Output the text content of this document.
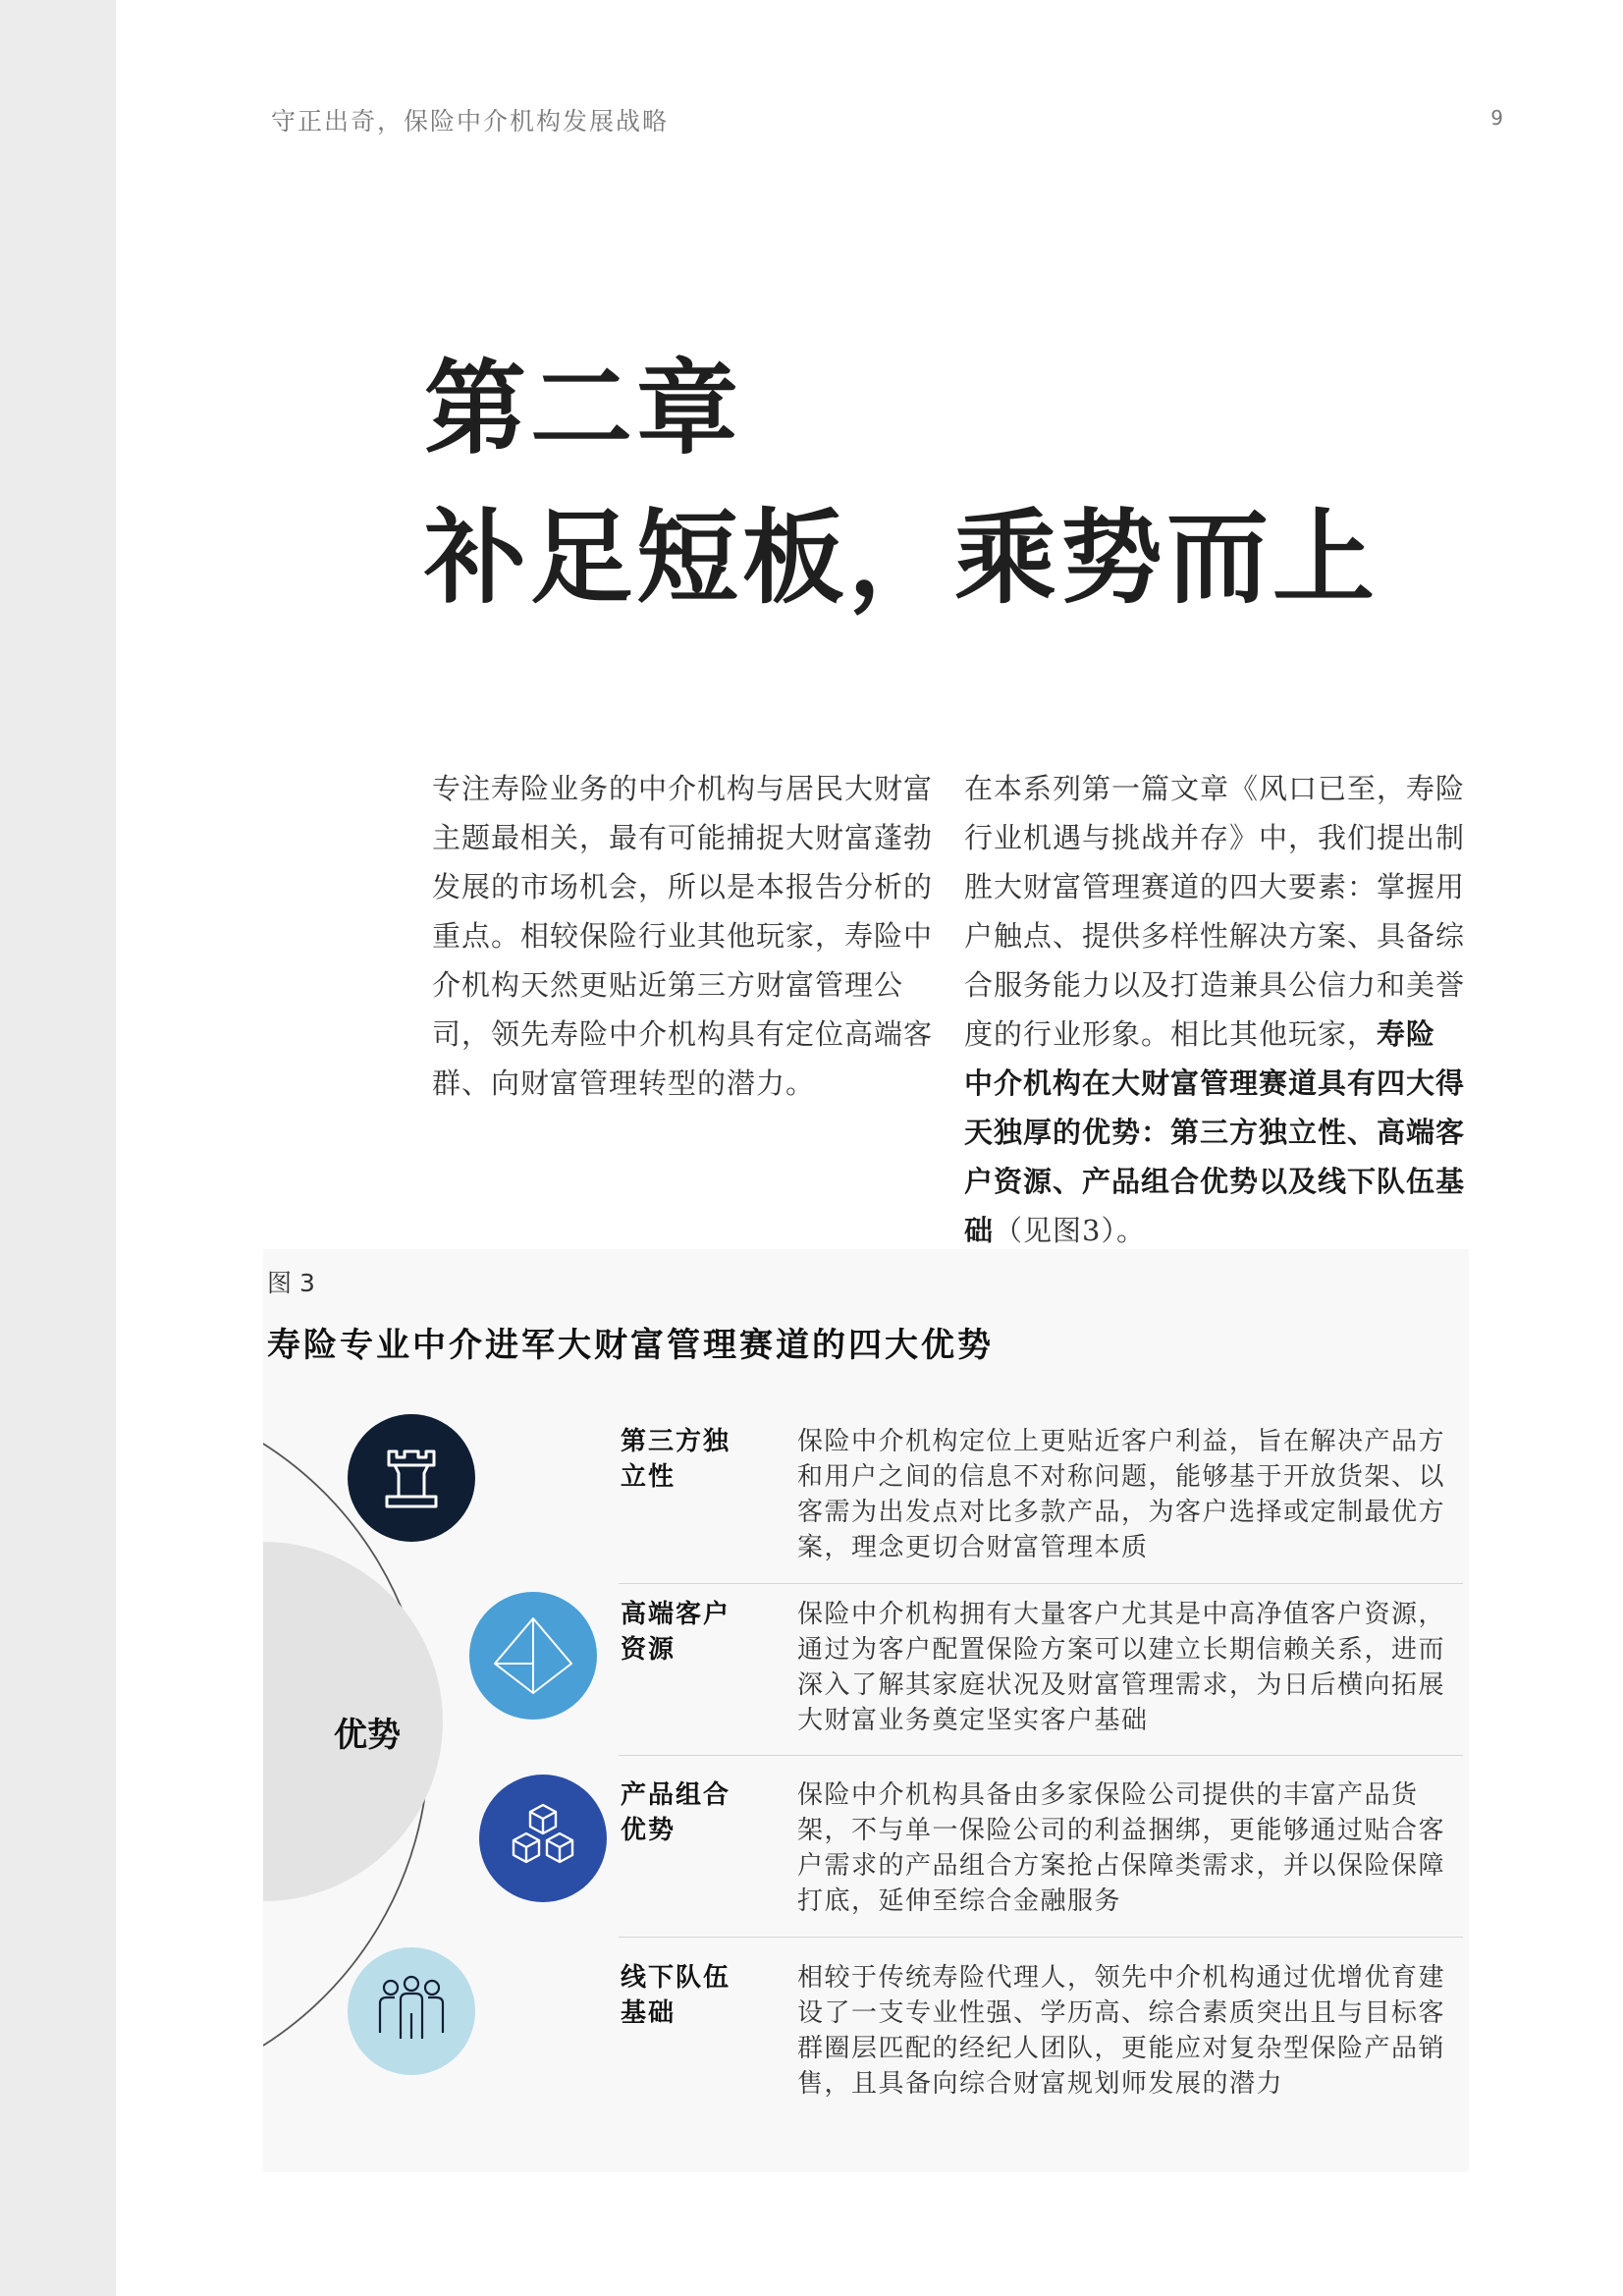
守正出奇，保险中介机构发展战略	9
第二章
补足短板，乘势而上
专注寿险业务的中介机构与居民大财富主题最相关，最有可能捕捉大财富蓬勃发展的市场机会，所以是本报告分析的重点。相较保险行业其他玩家，寿险中介机构天然更贴近第三方财富管理公司，领先寿险中介机构具有定位高端客群、向财富管理转型的潜力。
在本系列第一篇文章《风口已至，寿险行业机遇与挑战并存》中，我们提出制胜大财富管理赛道的四大要素：掌握用户触点、提供多样性解决方案、具备综合服务能力以及打造兼具公信力和美誉度的行业形象。相比其他玩家，寿险中介机构在大财富管理赛道具有四大得天独厚的优势：第三方独立性、高端客户资源、产品组合优势以及线下队伍基础（见图3）。
图 3
寿险专业中介进军大财富管理赛道的四大优势
优势
第三方独立性
保险中介机构定位上更贴近客户利益，旨在解决产品方和用户之间的信息不对称问题，能够基于开放货架、以客需为出发点对比多款产品，为客户选择或定制最优方案，理念更切合财富管理本质
高端客户资源
保险中介机构拥有大量客户尤其是中高净值客户资源，通过为客户配置保险方案可以建立长期信赖关系，进而深入了解其家庭状况及财富管理需求，为日后横向拓展大财富业务奠定坚实客户基础
产品组合优势
保险中介机构具备由多家保险公司提供的丰富产品货架，不与单一保险公司的利益捆绑，更能够通过贴合客户需求的产品组合方案抢占保障类需求，并以保险保障打底，延伸至综合金融服务
线下队伍基础
相较于传统寿险代理人，领先中介机构通过优增优育建设了一支专业性强、学历高、综合素质突出且与目标客群圈层匹配的经纪人团队，更能应对复杂型保险产品销售，且具备向综合财富规划师发展的潜力
